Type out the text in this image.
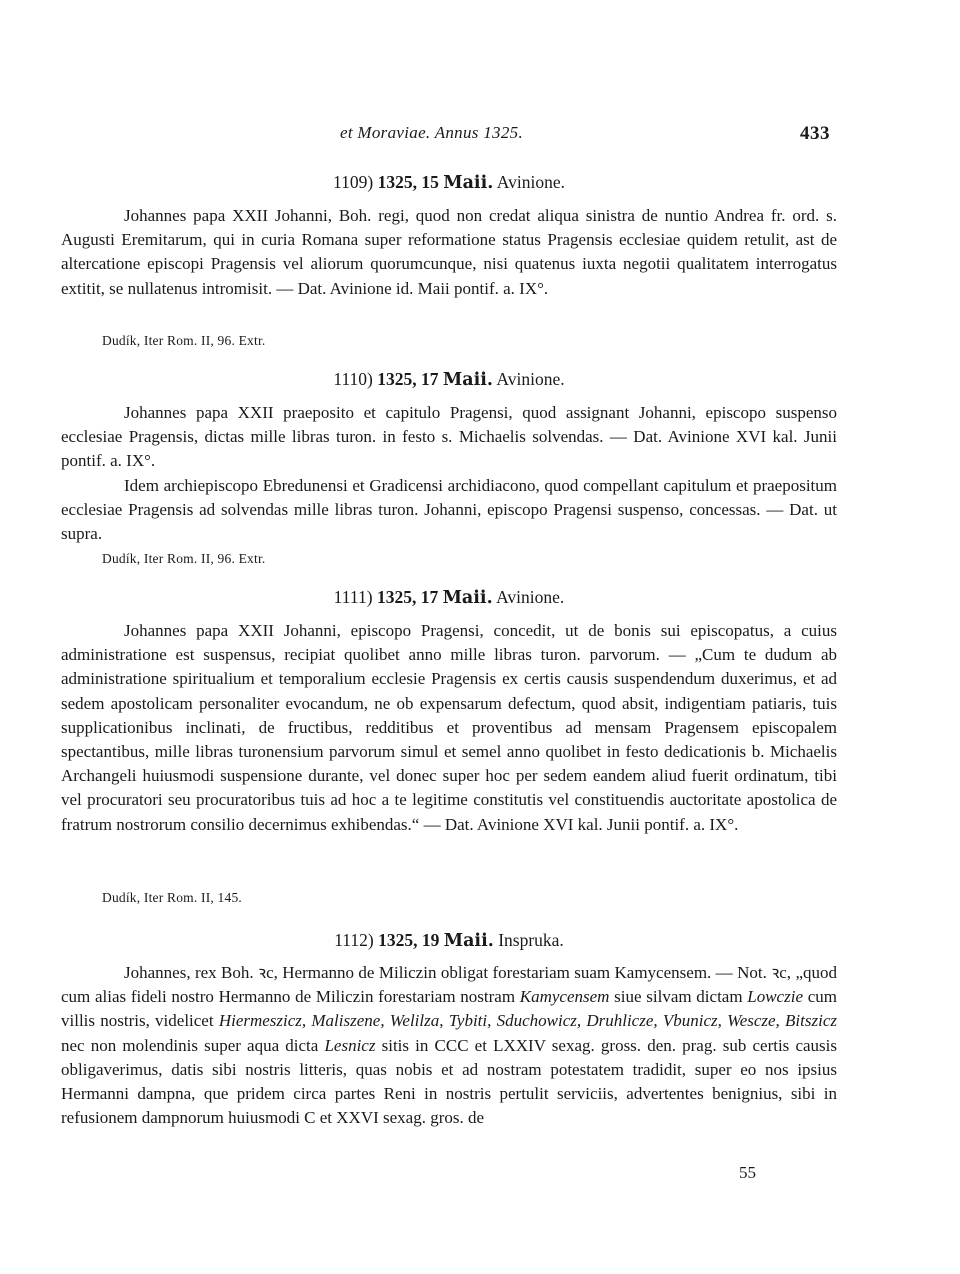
et Moraviae. Annus 1325.	433
1109) 1325, 15 Maii. Avinione.

Johannes papa XXII Johanni, Boh. regi, quod non credat aliqua sinistra de nuntio Andrea fr. ord. s. Augusti Eremitarum, qui in curia Romana super reformatione status Pragensis ecclesiae quidem retulit, ast de altercatione episcopi Pragensis vel aliorum quorumcunque, nisi quatenus iuxta negotii qualitatem interrogatus extitit, se nullatenus intromisit. — Dat. Avinione id. Maii pontif. a. IX°.

Dudík, Iter Rom. II, 96. Extr.
1110) 1325, 17 Maii. Avinione.

Johannes papa XXII praeposito et capitulo Pragensi, quod assignant Johanni, episcopo suspenso ecclesiae Pragensis, dictas mille libras turon. in festo s. Michaelis solvendas. — Dat. Avinione XVI kal. Junii pontif. a. IX°.

Idem archiepiscopo Ebredunensi et Gradicensi archidiacono, quod compellant capitulum et praepositum ecclesiae Pragensis ad solvendas mille libras turon. Johanni, episcopo Pragensi suspenso, concessas. — Dat. ut supra.

Dudík, Iter Rom. II, 96. Extr.
1111) 1325, 17 Maii. Avinione.

Johannes papa XXII Johanni, episcopo Pragensi, concedit, ut de bonis sui episcopatus, a cuius administratione est suspensus, recipiat quolibet anno mille libras turon. parvorum. — „Cum te dudum ab administratione spiritualium et temporalium ecclesie Pragensis ex certis causis suspendendum duxerimus, et ad sedem apostolicam personaliter evocandum, ne ob expensarum defectum, quod absit, indigentiam patiaris, tuis supplicationibus inclinati, de fructibus, redditibus et proventibus ad mensam Pragensem episcopalem spectantibus, mille libras turonensium parvorum simul et semel anno quolibet in festo dedicationis b. Michaelis Archangeli huiusmodi suspensione durante, vel donec super hoc per sedem eandem aliud fuerit ordinatum, tibi vel procuratori seu procuratoribus tuis ad hoc a te legitime constitutis vel constituendis auctoritate apostolica de fratrum nostrorum consilio decernimus exhibendas.“ — Dat. Avinione XVI kal. Junii pontif. a. IX°.

Dudík, Iter Rom. II, 145.
1112) 1325, 19 Maii. Inspruka.

Johannes, rex Boh. ꝛc, Hermanno de Miliczin obligat forestariam suam Kamycensem. — Not. ꝛc, „quod cum alias fideli nostro Hermanno de Miliczin forestariam nostram Kamycensem siue silvam dictam Lowczie cum villis nostris, videlicet Hiermeszicz, Maliszene, Welilza, Tybiti, Sduchowicz, Druhlicze, Vbunicz, Wescze, Bitszicz nec non molendinis super aqua dicta Lesnicz sitis in CCC et LXXIV sexag. gross. den. prag. sub certis causis obligaverimus, datis sibi nostris litteris, quas nobis et ad nostram potestatem tradidit, super eo nos ipsius Hermanni dampna, que pridem circa partes Reni in nostris pertulit serviciis, advertentes benignius, sibi in refusionem dampnorum huiusmodi C et XXVI sexag. gros. de

55
